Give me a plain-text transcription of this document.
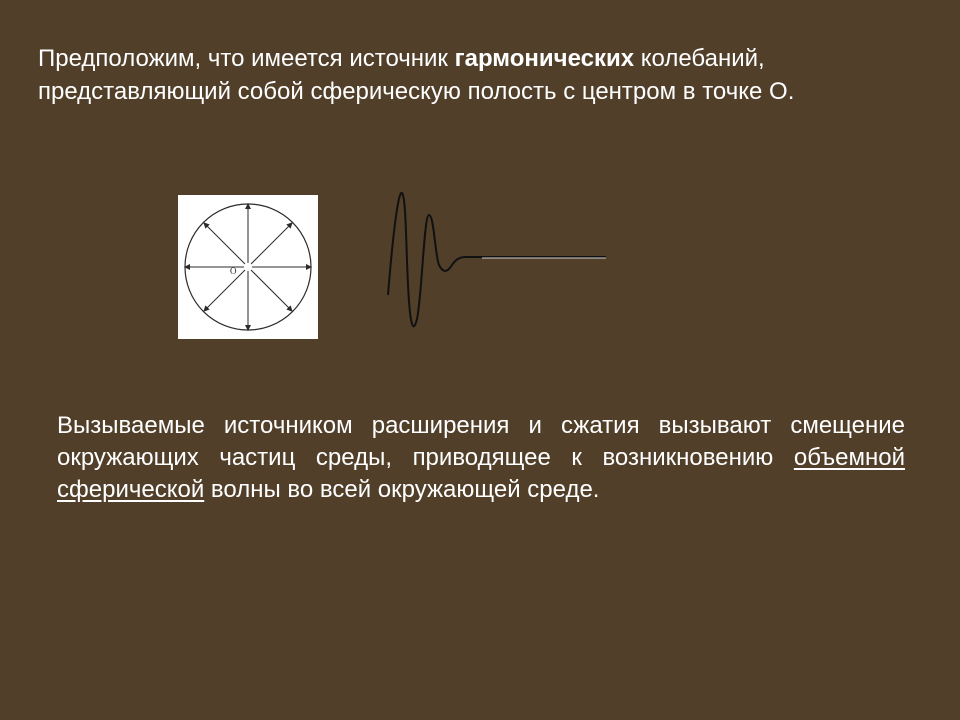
Предположим, что имеется источник гармонических колебаний, представляющий собой сферическую полость с центром в точке О.

O

Вызываемые источником расширения и сжатия вызывают смещение окружающих частиц среды, приводящее к возникновению объемной сферической волны во всей окружающей среде.
